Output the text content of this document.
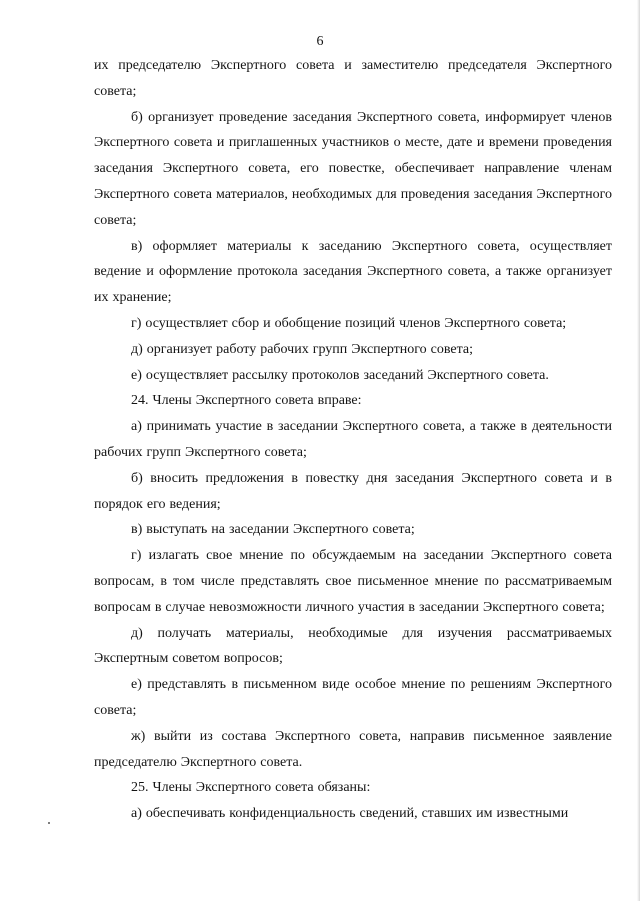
6

их председателю Экспертного совета и заместителю председателя Экспертного совета;

б) организует проведение заседания Экспертного совета, информирует членов Экспертного совета и приглашенных участников о месте, дате и времени проведения заседания Экспертного совета, его повестке, обеспечивает направление членам Экспертного совета материалов, необходимых для проведения заседания Экспертного совета;

в) оформляет материалы к заседанию Экспертного совета, осуществляет ведение и оформление протокола заседания Экспертного совета, а также организует их хранение;

г) осуществляет сбор и обобщение позиций членов Экспертного совета;

д) организует работу рабочих групп Экспертного совета;

е) осуществляет рассылку протоколов заседаний Экспертного совета.

24. Члены Экспертного совета вправе:

а) принимать участие в заседании Экспертного совета, а также в деятельности рабочих групп Экспертного совета;

б) вносить предложения в повестку дня заседания Экспертного совета и в порядок его ведения;

в) выступать на заседании Экспертного совета;

г) излагать свое мнение по обсуждаемым на заседании Экспертного совета вопросам, в том числе представлять свое письменное мнение по рассматриваемым вопросам в случае невозможности личного участия в заседании Экспертного совета;

д) получать материалы, необходимые для изучения рассматриваемых Экспертным советом вопросов;

е) представлять в письменном виде особое мнение по решениям Экспертного совета;

ж) выйти из состава Экспертного совета, направив письменное заявление председателю Экспертного совета.

25. Члены Экспертного совета обязаны:

а) обеспечивать конфиденциальность сведений, ставших им известными
